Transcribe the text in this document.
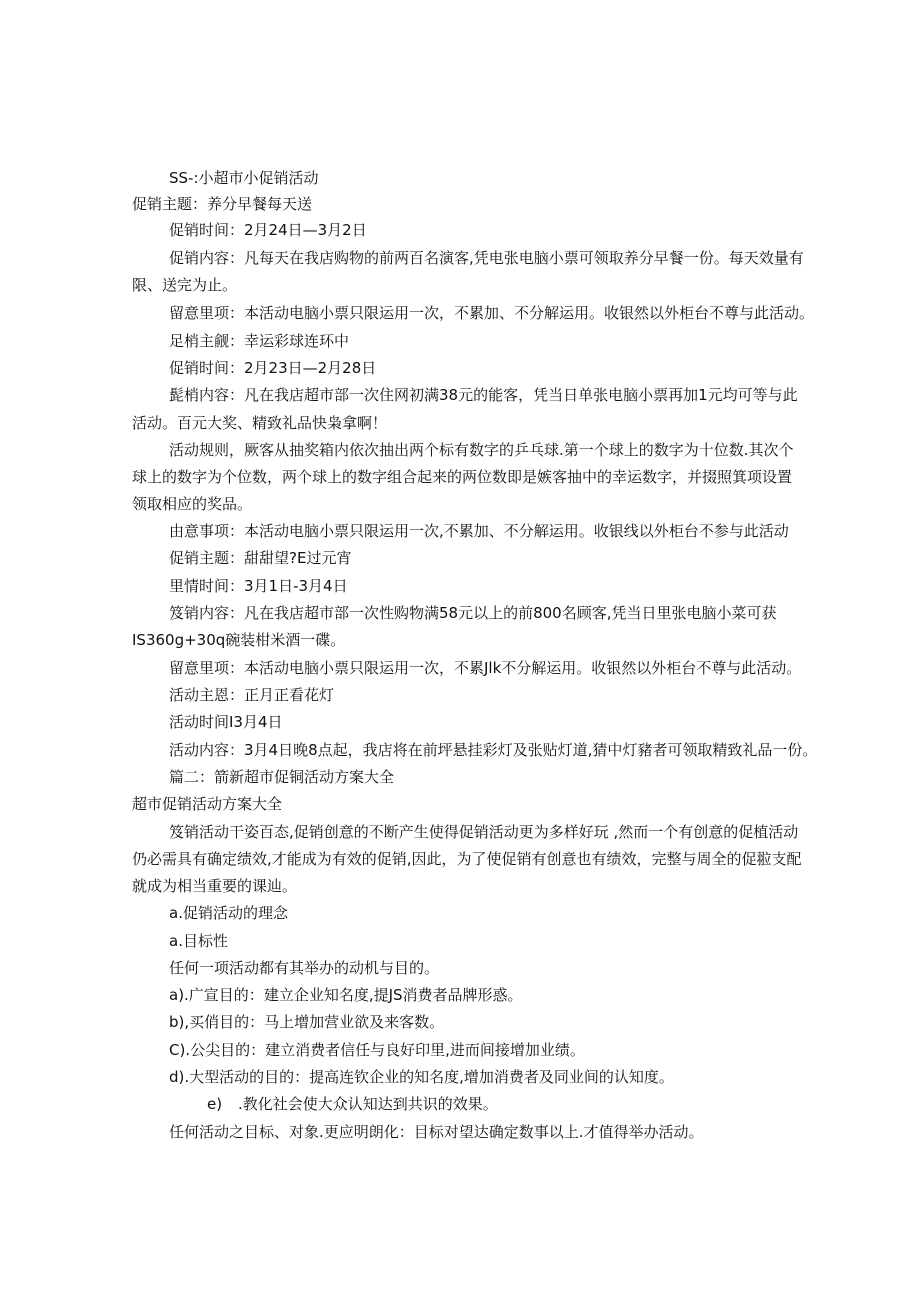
SS-:小超市小促销活动
促销主题：养分早餐每天送
促销时间：2月24日—3月2日
促销内容：凡每天在我店购物的前两百名演客,凭电张电脑小票可领取养分早餐一份。每天效量有
限、送完为止。
留意里项：本活动电脑小票只限运用一次，不累加、不分解运用。收银然以外柜台不尊与此活动。
足梢主觎：幸运彩球连环中
促销时间：2月23日—2月28日
髭梢内容：凡在我店超市部一次住网初满38元的能客，凭当日单张电脑小票再加1元均可等与此
活动。百元大奖、精致礼品快枭拿啊！
活动规则，厥客从抽奖箱内依次抽出两个标有数字的乒乓球.第一个球上的数字为十位数.其次个
球上的数字为个位数，两个球上的数字组合起来的两位数即是嫉客抽中的幸运数字，并掇照箕项设置
领取相应的奖品。
由意事项：本活动电脑小票只限运用一次,不累加、不分解运用。收银线以外柜台不参与此活动
促销主题：甜甜望?E过元宵
里情时间：3月1日-3月4日
笈销内容：凡在我店超市部一次性购物满58元以上的前800名顾客,凭当日里张电脑小菜可获
IS360g+30q碗装柑米酒一碟。
留意里项：本活动电脑小票只限运用一次，不累Jlk不分解运用。收银然以外柜台不尊与此活动。
活动主恩：正月正看花灯
活动时间I3月4日
活动内容：3月4日晚8点起，我店将在前坪悬挂彩灯及张贴灯道,猜中灯豬者可领取精致礼品一份。
篇二：箭新超市促铜活动方案大全
超市促销活动方案大全
笈销活动干姿百态,促销创意的不断产生使得促销活动更为多样好玩 ,然而一个有创意的促植活动
仍必需具有确定绩效,才能成为有效的促销,因此，为了使促销有创意也有绩效，完整与周全的促翋支配
就成为相当重要的课辿。
a.促销活动的理念
a.目标性
任何一项活动都有其举办的动机与目的。
a).广宣目的：建立企业知名度,提JS消费者品牌形惑。
b),买俏目的：马上增加营业欲及来客数。
C).公尖目的：建立消费者信任与良好印里,进而间接增加业绩。
d).大型活动的目的：提高连钦企业的知名度,增加消费者及同业间的认知度。
e) .教化社会使大众认知达到共识的效果。
任何活动之目标、对象.更应明朗化：目标对望达确定数事以上.才值得举办活动。
